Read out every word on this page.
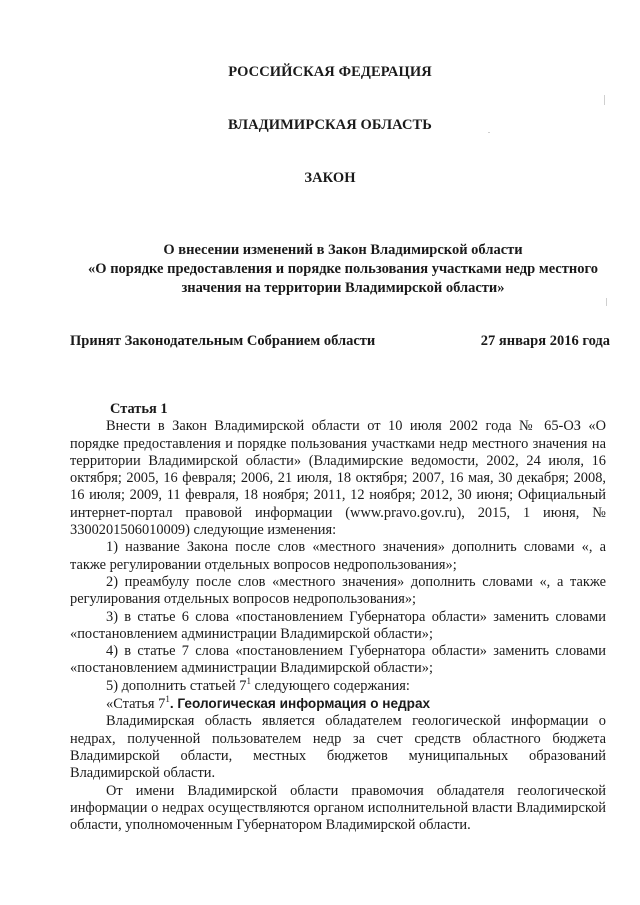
РОССИЙСКАЯ ФЕДЕРАЦИЯ
ВЛАДИМИРСКАЯ ОБЛАСТЬ
ЗАКОН
О внесении изменений в Закон Владимирской области
«О порядке предоставления и порядке пользования участками недр местного
значения на территории Владимирской области»
Принят Законодательным Собранием области	27 января 2016 года

Статья 1

Внести в Закон Владимирской области от 10 июля 2002 года № 65-ОЗ «О порядке предоставления и порядке пользования участками недр местного значения на территории Владимирской области» (Владимирские ведомости, 2002, 24 июля, 16 октября; 2005, 16 февраля; 2006, 21 июля, 18 октября; 2007, 16 мая, 30 декабря; 2008, 16 июля; 2009, 11 февраля, 18 ноября; 2011, 12 ноября; 2012, 30 июня; Официальный интернет-портал правовой информации (www.pravo.gov.ru), 2015, 1 июня, № 3300201506010009) следующие изменения:

1) название Закона после слов «местного значения» дополнить словами «, а также регулировании отдельных вопросов недропользования»;

2) преамбулу после слов «местного значения» дополнить словами «, а также регулирования отдельных вопросов недропользования»;

3) в статье 6 слова «постановлением Губернатора области» заменить словами «постановлением администрации Владимирской области»;

4) в статье 7 слова «постановлением Губернатора области» заменить словами «постановлением администрации Владимирской области»;

5) дополнить статьей $7^1$ следующего содержания:

«Статья $7^1$. Геологическая информация о недрах

Владимирская область является обладателем геологической информации о недрах, полученной пользователем недр за счет средств областного бюджета Владимирской области, местных бюджетов муниципальных образований Владимирской области.

От имени Владимирской области правомочия обладателя геологической информации о недрах осуществляются органом исполнительной власти Владимирской области, уполномоченным Губернатором Владимирской области.
